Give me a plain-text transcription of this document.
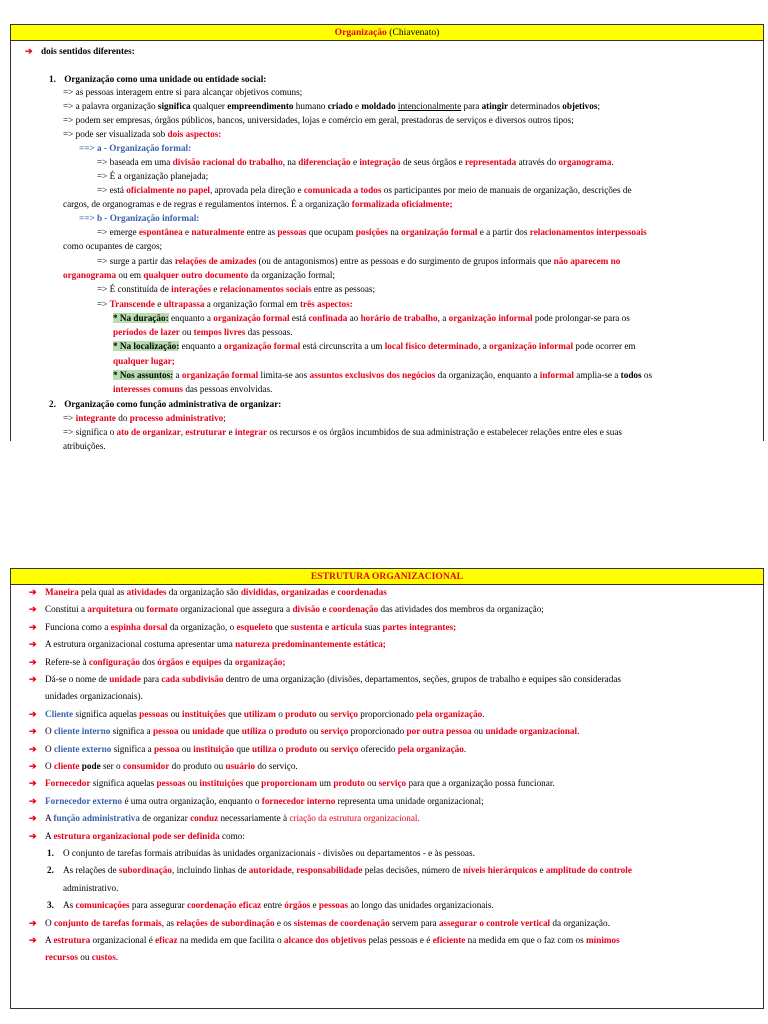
Organização (Chiavenato)
➔ dois sentidos diferentes:
1. Organização como uma unidade ou entidade social:
=> as pessoas interagem entre si para alcançar objetivos comuns;
=> a palavra organização significa qualquer empreendimento humano criado e moldado intencionalmente para atingir determinados objetivos;
=> podem ser empresas, órgãos públicos, bancos, universidades, lojas e comércio em geral, prestadoras de serviços e diversos outros tipos;
=> pode ser visualizada sob dois aspectos:
==> a - Organização formal:
=> baseada em uma divisão racional do trabalho, na diferenciação e integração de seus órgãos e representada através do organograma.
=> É a organização planejada;
=> está oficialmente no papel, aprovada pela direção e comunicada a todos os participantes por meio de manuais de organização, descrições de
cargos, de organogramas e de regras e regulamentos internos. É a organização formalizada oficialmente;
==> b - Organização informal:
=> emerge espontânea e naturalmente entre as pessoas que ocupam posições na organização formal e a partir dos relacionamentos interpessoais
como ocupantes de cargos;
=> surge a partir das relações de amizades (ou de antagonismos) entre as pessoas e do surgimento de grupos informais que não aparecem no
organograma ou em qualquer outro documento da organização formal;
=> É constituída de interações e relacionamentos sociais entre as pessoas;
=> Transcende e ultrapassa a organização formal em três aspectos:
* Na duração: enquanto a organização formal está confinada ao horário de trabalho, a organização informal pode prolongar-se para os
períodos de lazer ou tempos livres das pessoas.
* Na localização: enquanto a organização formal está circunscrita a um local físico determinado, a organização informal pode ocorrer em
qualquer lugar;
* Nos assuntos: a organização formal limita-se aos assuntos exclusivos dos negócios da organização, enquanto a informal amplia-se a todos os
interesses comuns das pessoas envolvidas.
2. Organização como função administrativa de organizar:
=> integrante do processo administrativo;
=> significa o ato de organizar, estruturar e integrar os recursos e os órgãos incumbidos de sua administração e estabelecer relações entre eles e suas
atribuições.
ESTRUTURA ORGANIZACIONAL
➔ Maneira pela qual as atividades da organização são divididas, organizadas e coordenadas
➔ Constitui a arquitetura ou formato organizacional que assegura a divisão e coordenação das atividades dos membros da organização;
➔ Funciona como a espinha dorsal da organização, o esqueleto que sustenta e articula suas partes integrantes;
➔ A estrutura organizacional costuma apresentar uma natureza predominantemente estática;
➔ Refere-se à configuração dos órgãos e equipes da organização;
➔ Dá-se o nome de unidade para cada subdivisão dentro de uma organização (divisões, departamentos, seções, grupos de trabalho e equipes são consideradas
unidades organizacionais).
➔ Cliente significa aquelas pessoas ou instituições que utilizam o produto ou serviço proporcionado pela organização.
➔ O cliente interno significa a pessoa ou unidade que utiliza o produto ou serviço proporcionado por outra pessoa ou unidade organizacional.
➔ O cliente externo significa a pessoa ou instituição que utiliza o produto ou serviço oferecido pela organização.
➔ O cliente pode ser o consumidor do produto ou usuário do serviço.
➔ Fornecedor significa aquelas pessoas ou instituições que proporcionam um produto ou serviço para que a organização possa funcionar.
➔ Fornecedor externo é uma outra organização, enquanto o fornecedor interno representa uma unidade organizacional;
➔ A função administrativa de organizar conduz necessariamente à criação da estrutura organizacional.
➔ A estrutura organizacional pode ser definida como:
1. O conjunto de tarefas formais atribuídas às unidades organizacionais - divisões ou departamentos - e às pessoas.
2. As relações de subordinação, incluindo linhas de autoridade, responsabilidade pelas decisões, número de níveis hierárquicos e amplitude do controle
administrativo.
3. As comunicações para assegurar coordenação eficaz entre órgãos e pessoas ao longo das unidades organizacionais.
➔ O conjunto de tarefas formais, as relações de subordinação e os sistemas de coordenação servem para assegurar o controle vertical da organização.
➔ A estrutura organizacional é eficaz na medida em que facilita o alcance dos objetivos pelas pessoas e é eficiente na medida em que o faz com os mínimos
recursos ou custos.
